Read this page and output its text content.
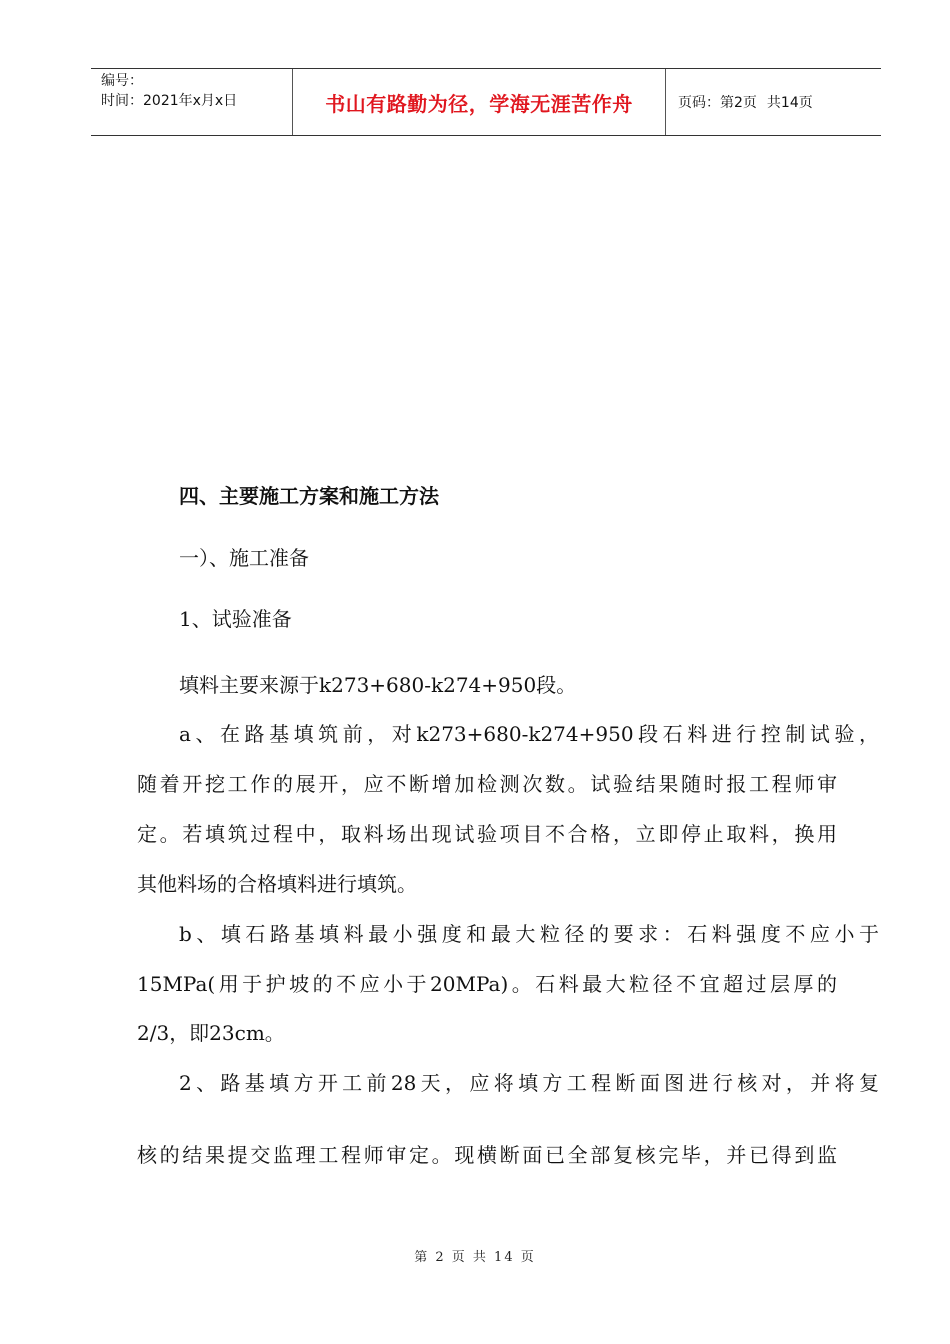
编号：
时间：2021年x月x日	书山有路勤为径，学海无涯苦作舟	页码： 第2页 共14页
四、主要施工方案和施工方法
一）、施工准备
1、试验准备
填料主要来源于k273+680-k274+950段。
a、在路基填筑前，对k273+680-k274+950段石料进行控制试验，
随着开挖工作的展开，应不断增加检测次数。试验结果随时报工程师审
定。若填筑过程中，取料场出现试验项目不合格，立即停止取料，换用
其他料场的合格填料进行填筑。
b、填石路基填料最小强度和最大粒径的要求：石料强度不应小于
15MPa(用于护坡的不应小于20MPa)。石料最大粒径不宜超过层厚的
2/3，即23cm。
2、路基填方开工前28天，应将填方工程断面图进行核对，并将复
核的结果提交监理工程师审定。现横断面已全部复核完毕，并已得到监
第 2 页 共 14 页
